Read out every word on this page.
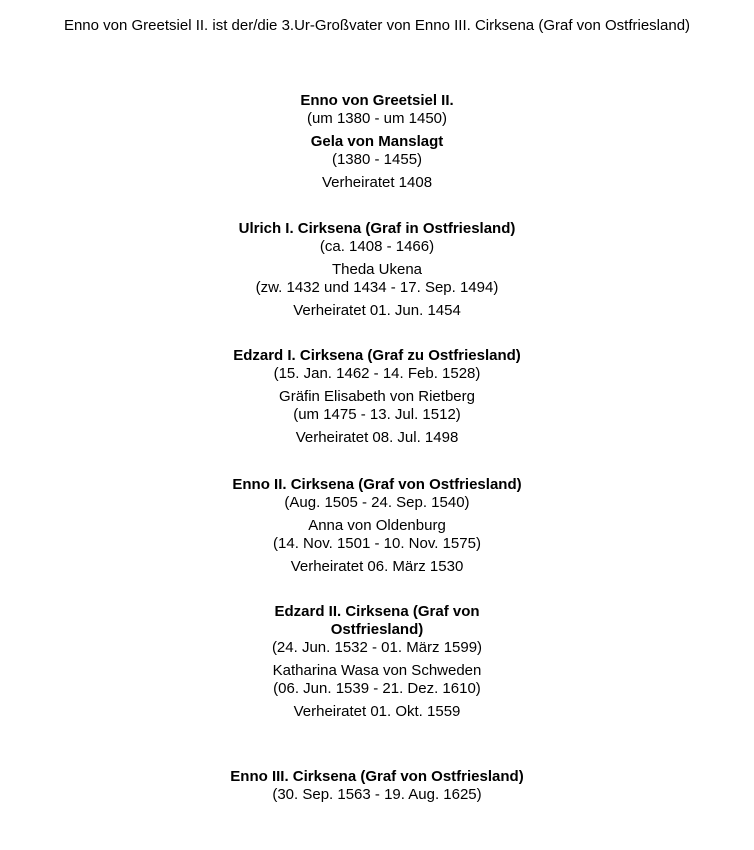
Enno von Greetsiel II. ist der/die 3.Ur-Großvater von Enno III. Cirksena (Graf von Ostfriesland)
Enno von Greetsiel II.
(um 1380 - um 1450)
Gela von Manslagt
(1380 - 1455)
Verheiratet 1408
Ulrich I. Cirksena (Graf in Ostfriesland)
(ca. 1408 - 1466)
Theda Ukena
(zw. 1432 und 1434 - 17. Sep. 1494)
Verheiratet 01. Jun. 1454
Edzard I. Cirksena (Graf zu Ostfriesland)
(15. Jan. 1462 - 14. Feb. 1528)
Gräfin Elisabeth von Rietberg
(um 1475 - 13. Jul. 1512)
Verheiratet 08. Jul. 1498
Enno II. Cirksena (Graf von Ostfriesland)
(Aug. 1505 - 24. Sep. 1540)
Anna von Oldenburg
(14. Nov. 1501 - 10. Nov. 1575)
Verheiratet 06. März 1530
Edzard II. Cirksena (Graf von Ostfriesland)
(24. Jun. 1532 - 01. März 1599)
Katharina Wasa von Schweden
(06. Jun. 1539 - 21. Dez. 1610)
Verheiratet 01. Okt. 1559
Enno III. Cirksena (Graf von Ostfriesland)
(30. Sep. 1563 - 19. Aug. 1625)
